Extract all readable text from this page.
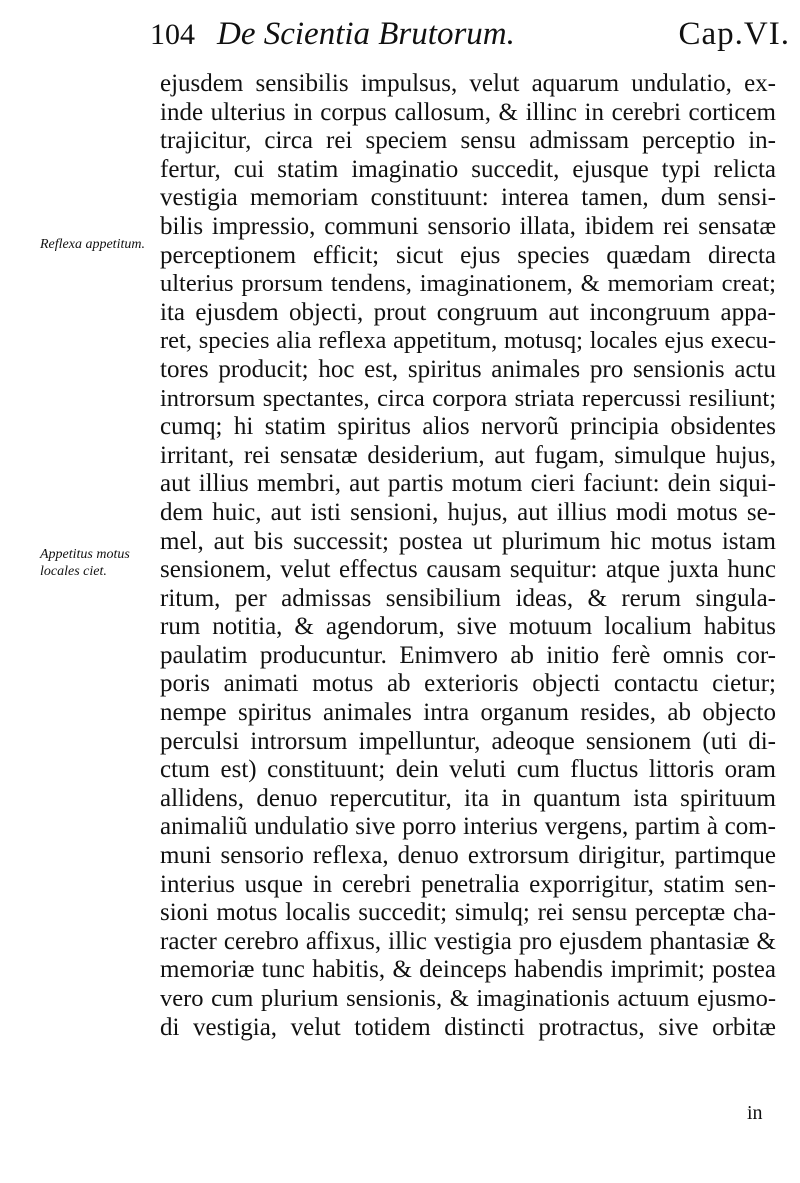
104 De Scientia Brutorum.	Cap.VI.
Reflexa appetitum.
Appetitus motus locales ciet.
ejusdem sensibilis impulsus, velut aquarum undulatio, ex-
inde ulterius in corpus callosum, & illinc in cerebri corticem
trajicitur, circa rei speciem sensu admissam perceptio in-
fertur, cui statim imaginatio succedit, ejusque typi relicta
vestigia memoriam constituunt: interea tamen, dum sensi-
bilis impressio, communi sensorio illata, ibidem rei sensatæ
perceptionem efficit; sicut ejus species quædam directa
ulterius prorsum tendens, imaginationem, & memoriam creat;
ita ejusdem objecti, prout congruum aut incongruum appa-
ret, species alia reflexa appetitum, motusq; locales ejus execu-
tores producit; hoc est, spiritus animales pro sensionis actu
introrsum spectantes, circa corpora striata repercussi resiliunt;
cumq; hi statim spiritus alios nervorũ principia obsidentes
irritant, rei sensatæ desiderium, aut fugam, simulque hujus,
aut illius membri, aut partis motum cieri faciunt: dein siqui-
dem huic, aut isti sensioni, hujus, aut illius modi motus se-
mel, aut bis successit; postea ut plurimum hic motus istam
sensionem, velut effectus causam sequitur: atque juxta hunc
ritum, per admissas sensibilium ideas, & rerum singula-
rum notitia, & agendorum, sive motuum localium habitus
paulatim producuntur. Enimvero ab initio ferè omnis cor-
poris animati motus ab exterioris objecti contactu cietur;
nempe spiritus animales intra organum resides, ab objecto
perculsi introrsum impelluntur, adeoque sensionem (uti di-
ctum est) constituunt; dein veluti cum fluctus littoris oram
allidens, denuo repercutitur, ita in quantum ista spirituum
animaliũ undulatio sive porro interius vergens, partim à com-
muni sensorio reflexa, denuo extrorsum dirigitur, partimque
interius usque in cerebri penetralia exporrigitur, statim sen-
sioni motus localis succedit; simulq; rei sensu perceptæ cha-
racter cerebro affixus, illic vestigia pro ejusdem phantasiæ &
memoriæ tunc habitis, & deinceps habendis imprimit; postea
vero cum plurium sensionis, & imaginationis actuum ejusmo-
di vestigia, velut totidem distincti protractus, sive orbitæ
in
